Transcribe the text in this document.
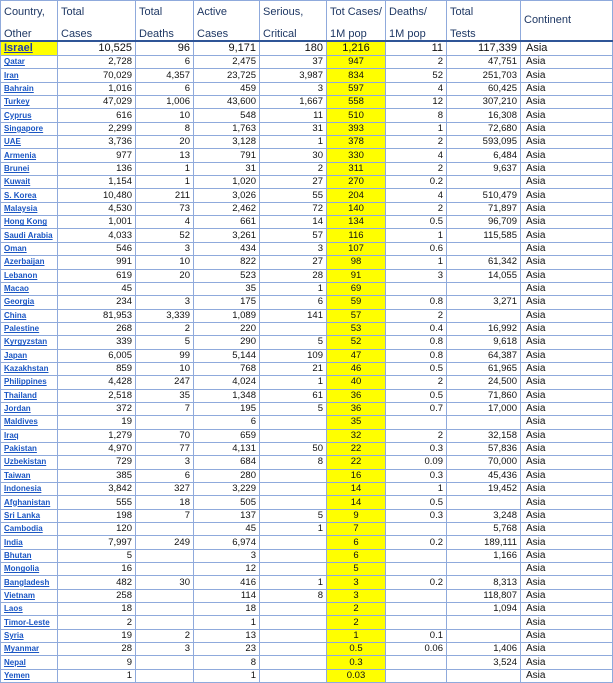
Country,	Total	Total	Active	Serious,	Tot Cases/	Deaths/	Total	Continent
Other	Cases	Deaths	Cases	Critical	1M pop	1M pop	Tests	
Israel	10,525	96	9,171	180	1,216	11	117,339	Asia
Qatar	2,728	6	2,475	37	947	2	47,751	Asia
Iran	70,029	4,357	23,725	3,987	834	52	251,703	Asia
Bahrain	1,016	6	459	3	597	4	60,425	Asia
Turkey	47,029	1,006	43,600	1,667	558	12	307,210	Asia
Cyprus	616	10	548	11	510	8	16,308	Asia
Singapore	2,299	8	1,763	31	393	1	72,680	Asia
UAE	3,736	20	3,128	1	378	2	593,095	Asia
Armenia	977	13	791	30	330	4	6,484	Asia
Brunei	136	1	31	2	311	2	9,637	Asia
Kuwait	1,154	1	1,020	27	270	0.2		Asia
S. Korea	10,480	211	3,026	55	204	4	510,479	Asia
Malaysia	4,530	73	2,462	72	140	2	71,897	Asia
Hong Kong	1,001	4	661	14	134	0.5	96,709	Asia
Saudi Arabia	4,033	52	3,261	57	116	1	115,585	Asia
Oman	546	3	434	3	107	0.6		Asia
Azerbaijan	991	10	822	27	98	1	61,342	Asia
Lebanon	619	20	523	28	91	3	14,055	Asia
Macao	45		35	1	69			Asia
Georgia	234	3	175	6	59	0.8	3,271	Asia
China	81,953	3,339	1,089	141	57	2		Asia
Palestine	268	2	220		53	0.4	16,992	Asia
Kyrgyzstan	339	5	290	5	52	0.8	9,618	Asia
Japan	6,005	99	5,144	109	47	0.8	64,387	Asia
Kazakhstan	859	10	768	21	46	0.5	61,965	Asia
Philippines	4,428	247	4,024	1	40	2	24,500	Asia
Thailand	2,518	35	1,348	61	36	0.5	71,860	Asia
Jordan	372	7	195	5	36	0.7	17,000	Asia
Maldives	19		6		35			Asia
Iraq	1,279	70	659		32	2	32,158	Asia
Pakistan	4,970	77	4,131	50	22	0.3	57,836	Asia
Uzbekistan	729	3	684	8	22	0.09	70,000	Asia
Taiwan	385	6	280		16	0.3	45,436	Asia
Indonesia	3,842	327	3,229		14	1	19,452	Asia
Afghanistan	555	18	505		14	0.5		Asia
Sri Lanka	198	7	137	5	9	0.3	3,248	Asia
Cambodia	120		45	1	7		5,768	Asia
India	7,997	249	6,974		6	0.2	189,111	Asia
Bhutan	5		3		6		1,166	Asia
Mongolia	16		12		5			Asia
Bangladesh	482	30	416	1	3	0.2	8,313	Asia
Vietnam	258		114	8	3		118,807	Asia
Laos	18		18		2		1,094	Asia
Timor-Leste	2		1		2			Asia
Syria	19	2	13		1	0.1		Asia
Myanmar	28	3	23		0.5	0.06	1,406	Asia
Nepal	9		8		0.3		3,524	Asia
Yemen	1		1		0.03			Asia
